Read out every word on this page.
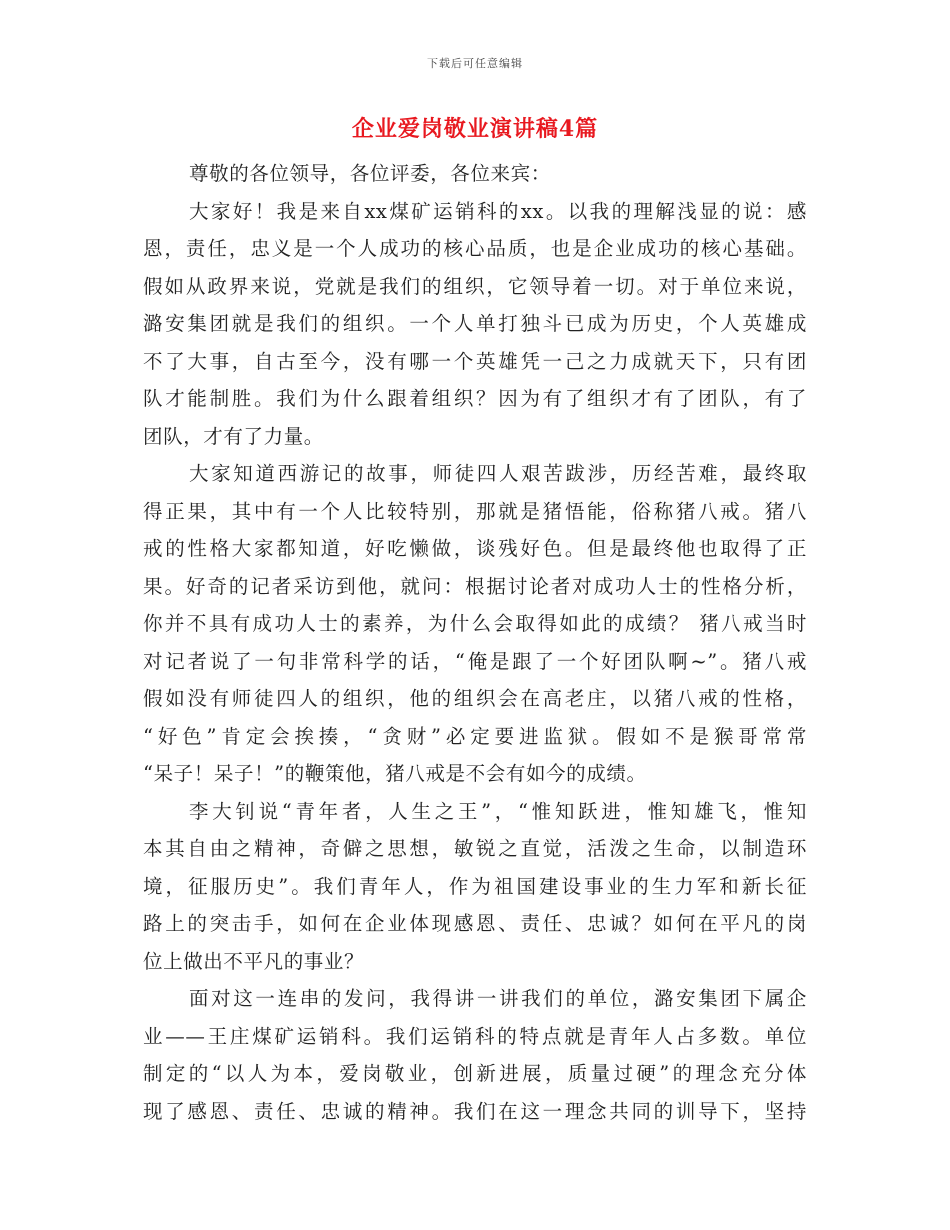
下载后可任意编辑
企业爱岗敬业演讲稿4篇
尊敬的各位领导，各位评委，各位来宾：
大家好！我是来自xx煤矿运销科的xx。以我的理解浅显的说：感
恩，责任，忠义是一个人成功的核心品质，也是企业成功的核心基础。
假如从政界来说，党就是我们的组织，它领导着一切。对于单位来说，
潞安集团就是我们的组织。一个人单打独斗已成为历史，个人英雄成
不了大事，自古至今，没有哪一个英雄凭一己之力成就天下，只有团
队才能制胜。我们为什么跟着组织？因为有了组织才有了团队，有了
团队，才有了力量。
大家知道西游记的故事，师徒四人艰苦跋涉，历经苦难，最终取
得正果，其中有一个人比较特别，那就是猪悟能，俗称猪八戒。猪八
戒的性格大家都知道，好吃懒做，谈残好色。但是最终他也取得了正
果。好奇的记者采访到他，就问：根据讨论者对成功人士的性格分析，
你并不具有成功人士的素养，为什么会取得如此的成绩？ 猪八戒当时
对记者说了一句非常科学的话，“俺是跟了一个好团队啊~”。猪八戒
假如没有师徒四人的组织，他的组织会在高老庄，以猪八戒的性格，
“好色”肯定会挨揍，“贪财”必定要进监狱。假如不是猴哥常常
“呆子！呆子！”的鞭策他，猪八戒是不会有如今的成绩。
李大钊说“青年者，人生之王”，“惟知跃进，惟知雄飞，惟知
本其自由之精神，奇僻之思想，敏锐之直觉，活泼之生命，以制造环
境，征服历史”。我们青年人，作为祖国建设事业的生力军和新长征
路上的突击手，如何在企业体现感恩、责任、忠诚？如何在平凡的岗
位上做出不平凡的事业？
面对这一连串的发问，我得讲一讲我们的单位，潞安集团下属企
业——王庄煤矿运销科。我们运销科的特点就是青年人占多数。单位
制定的“以人为本，爱岗敬业，创新进展，质量过硬”的理念充分体
现了感恩、责任、忠诚的精神。我们在这一理念共同的训导下，坚持
